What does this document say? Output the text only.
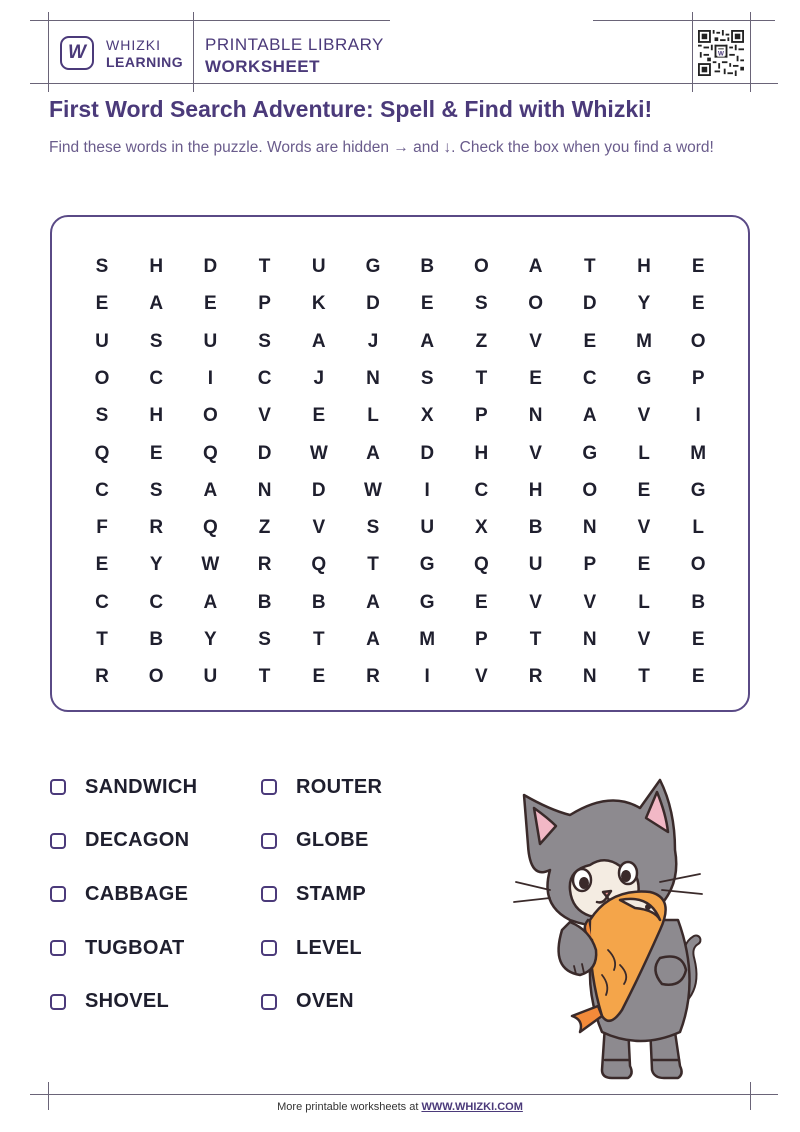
W WHIZKI
LEARNING
PRINTABLE LIBRARY
WORKSHEET
W
First Word Search Adventure: Spell & Find with Whizki!
Find these words in the puzzle. Words are hidden → and ↓. Check the box when you find a word!
S	H	D	T	U	G	B	O	A	T	H	E
E	A	E	P	K	D	E	S	O	D	Y	E
U	S	U	S	A	J	A	Z	V	E	M	O
O	C	I	C	J	N	S	T	E	C	G	P
S	H	O	V	E	L	X	P	N	A	V	I
Q	E	Q	D	W	A	D	H	V	G	L	M
C	S	A	N	D	W	I	C	H	O	E	G
F	R	Q	Z	V	S	U	X	B	N	V	L
E	Y	W	R	Q	T	G	Q	U	P	E	O
C	C	A	B	B	A	G	E	V	V	L	B
T	B	Y	S	T	A	M	P	T	N	V	E
R	O	U	T	E	R	I	V	R	N	T	E
SANDWICH
DECAGON
CABBAGE
TUGBOAT
SHOVEL
ROUTER
GLOBE
STAMP
LEVEL
OVEN
More printable worksheets at WWW.WHIZKI.COM
